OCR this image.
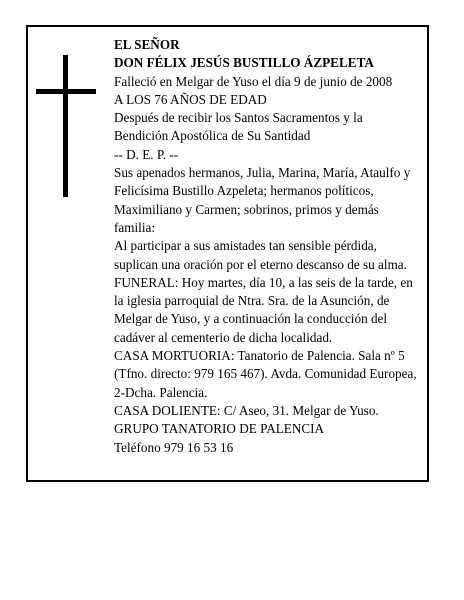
EL SEÑOR

DON FÉLIX JESÚS BUSTILLO ÁZPELETA

Falleció en Melgar de Yuso el día 9 de junio de 2008

A LOS 76 AÑOS DE EDAD

Después de recibir los Santos Sacramentos y la Bendición Apostólica de Su Santidad

-- D. E. P. --

Sus apenados hermanos, Julia, Marina, María, Ataulfo y Felicísima Bustillo Azpeleta; hermanos políticos, Maximiliano y Carmen; sobrinos, primos y demás familia:

Al participar a sus amistades tan sensible pérdida, suplican una oración por el eterno descanso de su alma.

FUNERAL: Hoy martes, día 10, a las seis de la tarde, en la iglesia parroquial de Ntra. Sra. de la Asunción, de Melgar de Yuso, y a continuación la conducción del cadáver al cementerio de dicha localidad.

CASA MORTUORIA: Tanatorio de Palencia. Sala nº 5 (Tfno. directo: 979 165 467). Avda. Comunidad Europea, 2-Dcha. Palencia.

CASA DOLIENTE: C/ Aseo, 31. Melgar de Yuso.

GRUPO TANATORIO DE PALENCIA

Teléfono 979 16 53 16
